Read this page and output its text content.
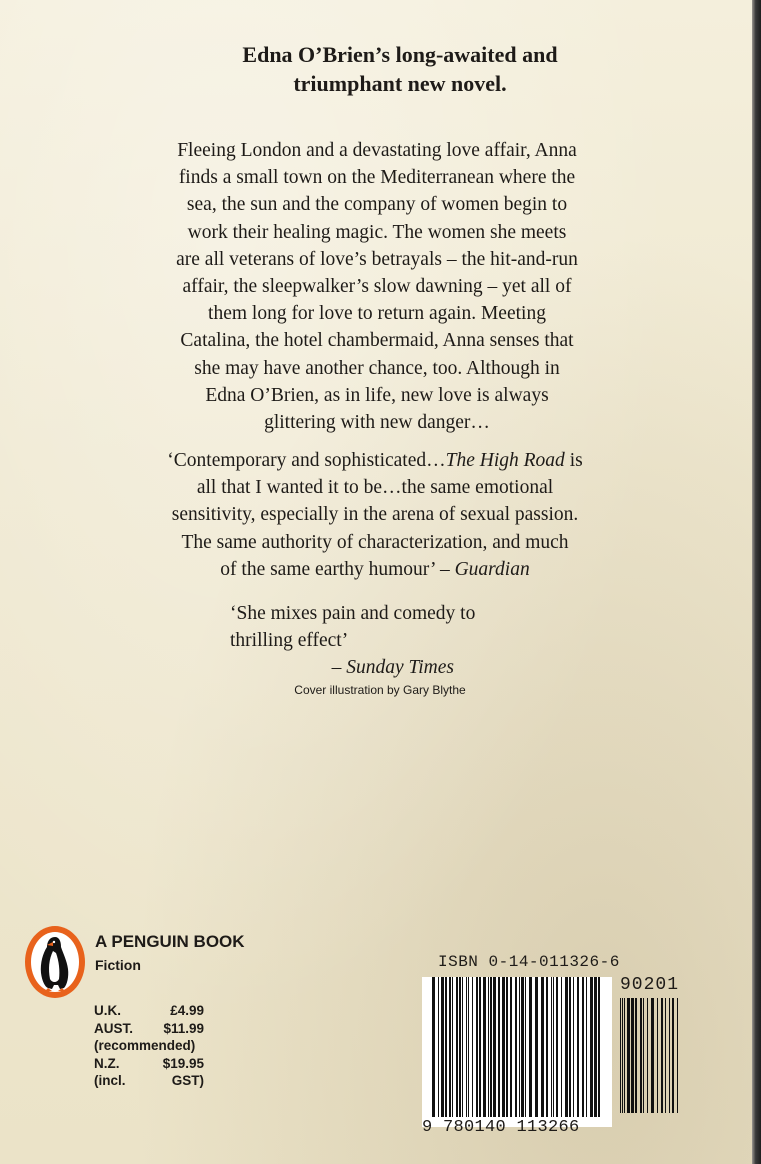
Edna O’Brien’s long-awaited and
triumphant new novel.
Fleeing London and a devastating love affair, Anna
finds a small town on the Mediterranean where the
sea, the sun and the company of women begin to
work their healing magic. The women she meets
are all veterans of love’s betrayals – the hit-and-run
affair, the sleepwalker’s slow dawning – yet all of
them long for love to return again. Meeting
Catalina, the hotel chambermaid, Anna senses that
she may have another chance, too. Although in
Edna O’Brien, as in life, new love is always
glittering with new danger…
‘Contemporary and sophisticated…The High Road is
all that I wanted it to be…the same emotional
sensitivity, especially in the arena of sexual passion.
The same authority of characterization, and much
of the same earthy humour’ – Guardian
‘She mixes pain and comedy to thrilling effect’
– Sunday Times
Cover illustration by Gary Blythe
A PENGUIN BOOK
Fiction
U.K.	£4.99
AUST. $11.99
(recommended)
N.Z.	$19.95
(incl.	GST)
ISBN 0-14-011326-6
9 780140 113266
90201
